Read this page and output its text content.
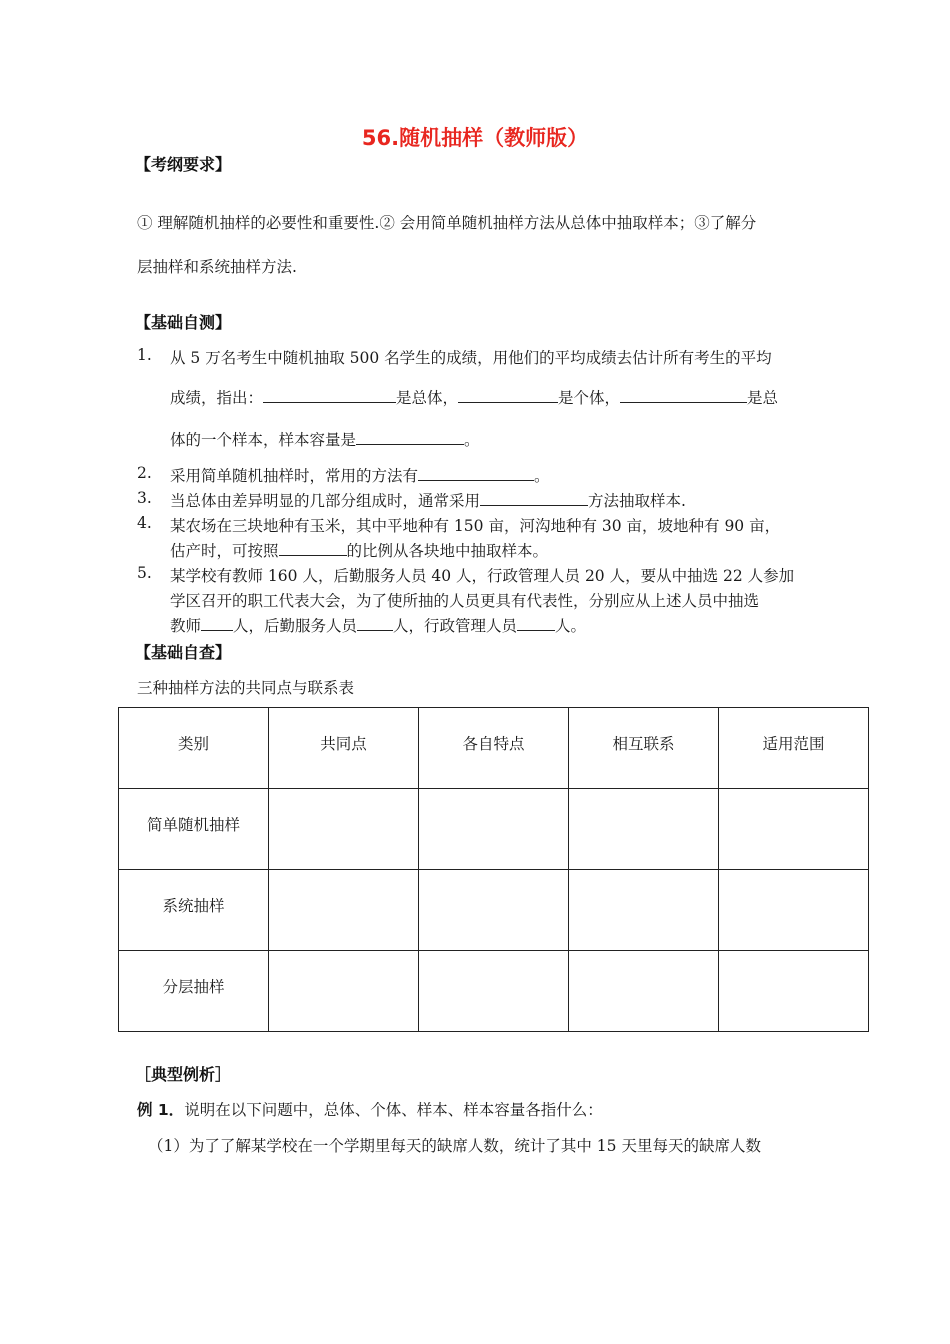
56.随机抽样（教师版）
【考纲要求】
① 理解随机抽样的必要性和重要性.② 会用简单随机抽样方法从总体中抽取样本；③了解分
层抽样和系统抽样方法.
【基础自测】
1. 从 5 万名考生中随机抽取 500 名学生的成绩，用他们的平均成绩去估计所有考生的平均
成绩，指出：	是总体，	是个体，	是总
体的一个样本，样本容量是	。
2. 采用简单随机抽样时，常用的方法有	。
3. 当总体由差异明显的几部分组成时，通常采用	方法抽取样本.
4. 某农场在三块地种有玉米，其中平地种有 150 亩，河沟地种有 30 亩，坡地种有 90 亩，
估产时，可按照	的比例从各块地中抽取样本。
5. 某学校有教师 160 人，后勤服务人员 40 人，行政管理人员 20 人，要从中抽选 22 人参加
学区召开的职工代表大会，为了使所抽的人员更具有代表性，分别应从上述人员中抽选
教师 人，后勤服务人员 人，行政管理人员 人。
【基础自查】
三种抽样方法的共同点与联系表
类别	共同点	各自特点	相互联系	适用范围
简单随机抽样				
系统抽样				
分层抽样				
［典型例析］
例 1．说明在以下问题中，总体、个体、样本、样本容量各指什么：
（1）为了了解某学校在一个学期里每天的缺席人数，统计了其中 15 天里每天的缺席人数
